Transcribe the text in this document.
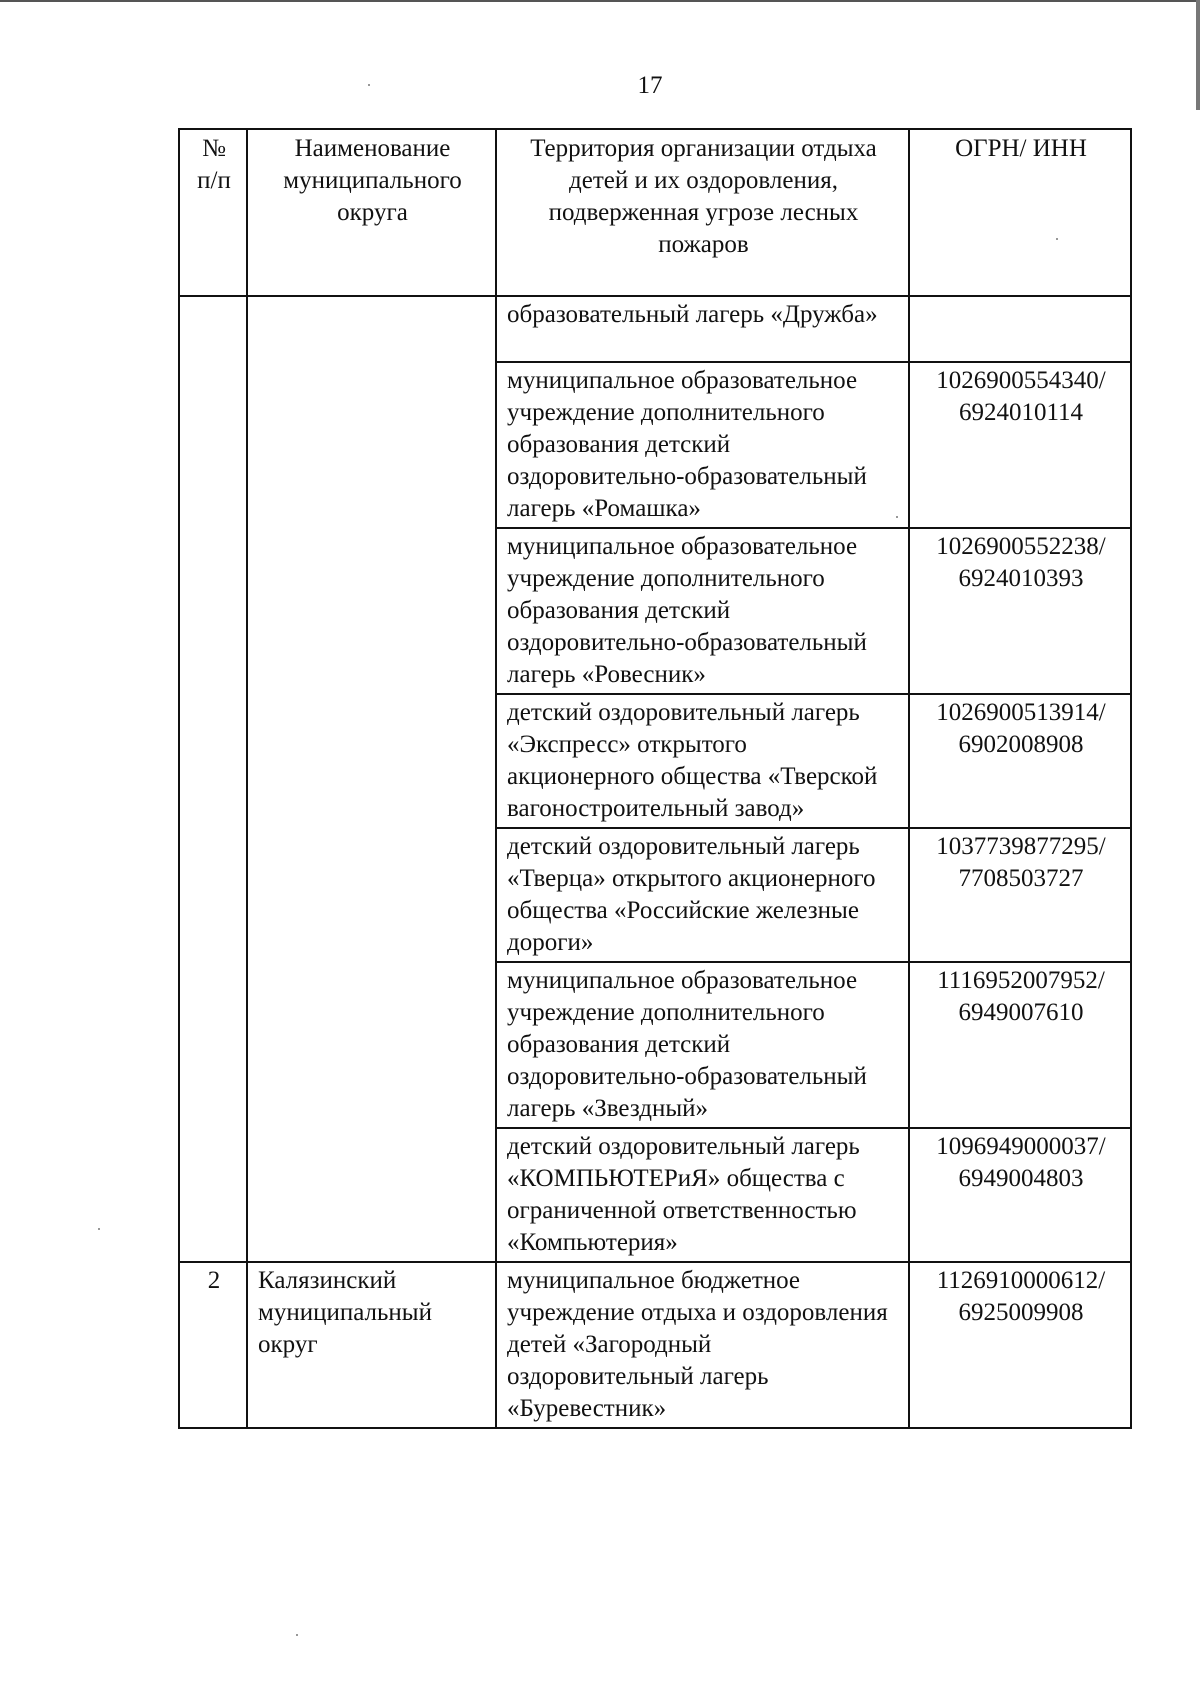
17
№ п/п	Наименование муниципального округа	Территория организации отдыха детей и их оздоровления, подверженная угрозе лесных пожаров	ОГРН/ ИНН
		образовательный лагерь «Дружба»	
		муниципальное образовательное учреждение дополнительного образования детский оздоровительно-образовательный лагерь «Ромашка»	1026900554340/ 6924010114
		муниципальное образовательное учреждение дополнительного образования детский оздоровительно-образовательный лагерь «Ровесник»	1026900552238/ 6924010393
		детский оздоровительный лагерь «Экспресс» открытого акционерного общества «Тверской вагоностроительный завод»	1026900513914/ 6902008908
		детский оздоровительный лагерь «Тверца» открытого акционерного общества «Российские железные дороги»	1037739877295/ 7708503727
		муниципальное образовательное учреждение дополнительного образования детский оздоровительно-образовательный лагерь «Звездный»	1116952007952/ 6949007610
		детский оздоровительный лагерь «КОМПЬЮТЕРиЯ» общества с ограниченной ответственностью «Компьютерия»	1096949000037/ 6949004803
2	Калязинский муниципальный округ	муниципальное бюджетное учреждение отдыха и оздоровления детей «Загородный оздоровительный лагерь «Буревестник»	1126910000612/ 6925009908
